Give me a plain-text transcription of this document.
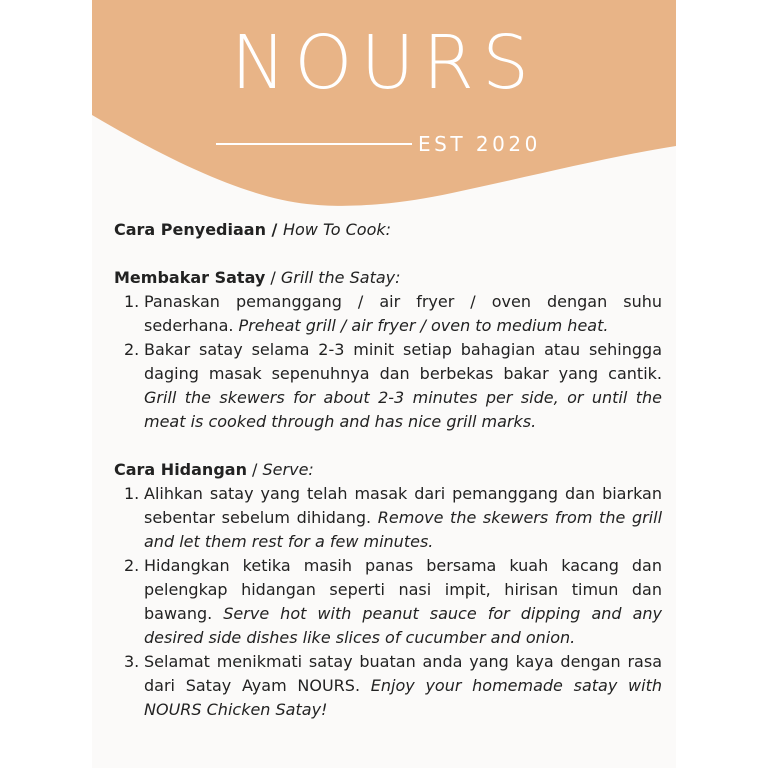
NOURS
EST 2020

Cara Penyediaan / How To Cook:

Membakar Satay / Grill the Satay:

1. Panaskan pemanggang / air fryer / oven dengan suhu sederhana. Preheat grill / air fryer / oven to medium heat.
2. Bakar satay selama 2-3 minit setiap bahagian atau sehingga daging masak sepenuhnya dan berbekas bakar yang cantik. Grill the skewers for about 2-3 minutes per side, or until the meat is cooked through and has nice grill marks.

Cara Hidangan / Serve:

1. Alihkan satay yang telah masak dari pemanggang dan biarkan sebentar sebelum dihidang. Remove the skewers from the grill and let them rest for a few minutes.
2. Hidangkan ketika masih panas bersama kuah kacang dan pelengkap hidangan seperti nasi impit, hirisan timun dan bawang. Serve hot with peanut sauce for dipping and any desired side dishes like slices of cucumber and onion.
3. Selamat menikmati satay buatan anda yang kaya dengan rasa dari Satay Ayam NOURS. Enjoy your homemade satay with NOURS Chicken Satay!
